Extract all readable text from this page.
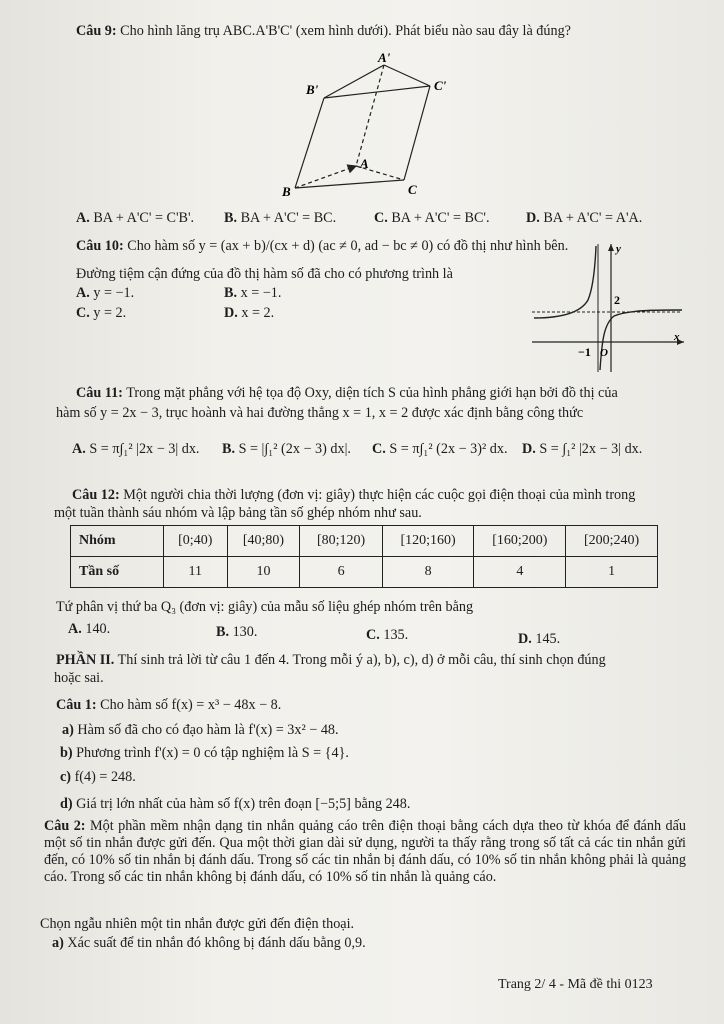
Câu 9: Cho hình lăng trụ ABC.A'B'C' (xem hình dưới). Phát biểu nào sau đây là đúng?
A'
B'	C'
A
B	C
A. BA + A'C' = C'B'. B. BA + A'C' = BC.	C. BA + A'C' = BC'.	D. BA + A'C' = A'A.
Câu 10: Cho hàm số y = (ax + b)/(cx + d) (ac ≠ 0, ad − bc ≠ 0) có đồ thị như hình bên.
Đường tiệm cận đứng của đồ thị hàm số đã cho có phương trình là
A. y = −1.	B. x = −1.
C. y = 2.	D. x = 2.
y
x
2
−1 O
Câu 11: Trong mặt phẳng với hệ tọa độ Oxy, diện tích S của hình phẳng giới hạn bởi đồ thị của
hàm số y = 2x − 3, trục hoành và hai đường thẳng x = 1, x = 2 được xác định bằng công thức
A. S = π∫₁² |2x − 3| dx. B. S = |∫₁² (2x − 3) dx|. C. S = π∫₁² (2x − 3)² dx. D. S = ∫₁² |2x − 3| dx.
Câu 12: Một người chia thời lượng (đơn vị: giây) thực hiện các cuộc gọi điện thoại của mình trong
một tuần thành sáu nhóm và lập bảng tần số ghép nhóm như sau.
Nhóm	[0;40)	[40;80)	[80;120)	[120;160)	[160;200)	[200;240)
Tần số	11	10	6	8	4	1
Tứ phân vị thứ ba Q₃ (đơn vị: giây) của mẫu số liệu ghép nhóm trên bằng
A. 140.	B. 130.	C. 135.	D. 145.
PHẦN II. Thí sinh trả lời từ câu 1 đến 4. Trong mỗi ý a), b), c), d) ở mỗi câu, thí sinh chọn đúng
hoặc sai.
Câu 1: Cho hàm số f(x) = x³ − 48x − 8.
a) Hàm số đã cho có đạo hàm là f'(x) = 3x² − 48.
b) Phương trình f'(x) = 0 có tập nghiệm là S = {4}.
c) f(4) = 248.
d) Giá trị lớn nhất của hàm số f(x) trên đoạn [−5;5] bằng 248.
Câu 2: Một phần mềm nhận dạng tin nhắn quảng cáo trên điện thoại bằng cách dựa theo từ khóa để đánh dấu một số tin nhắn được gửi đến. Qua một thời gian dài sử dụng, người ta thấy rằng trong số tất cả các tin nhắn gửi đến, có 10% số tin nhắn bị đánh dấu. Trong số các tin nhắn bị đánh dấu, có 10% số tin nhắn không phải là quảng cáo. Trong số các tin nhắn không bị đánh dấu, có 10% số tin nhắn là quảng cáo.
Chọn ngẫu nhiên một tin nhắn được gửi đến điện thoại.
a) Xác suất để tin nhắn đó không bị đánh dấu bằng 0,9.
Trang 2/ 4 - Mã đề thi 0123
